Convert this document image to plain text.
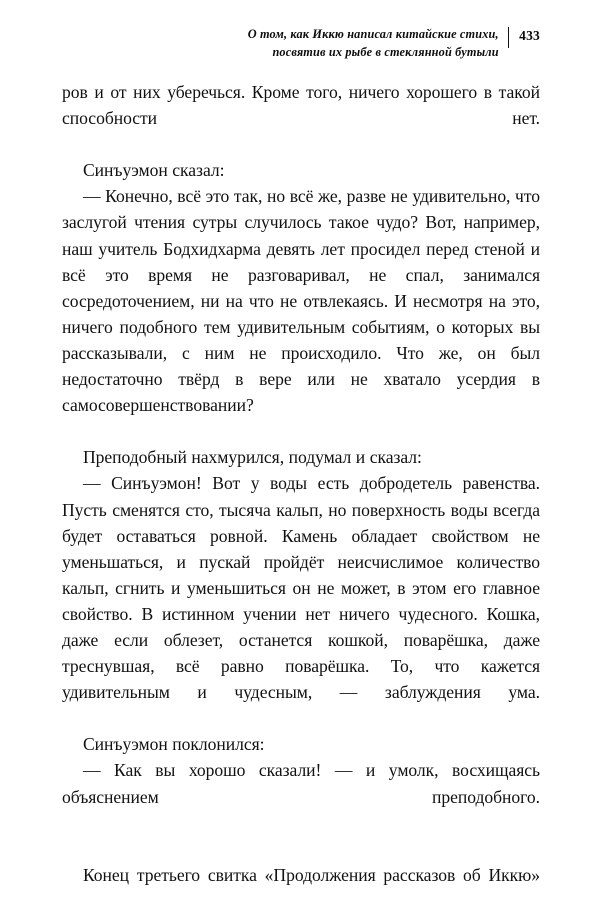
О том, как Иккю написал китайские стихи,
посвятив их рыбе в стеклянной бутыли
433

ров и от них уберечься. Кроме того, ничего хорошего в такой способности нет.

Синъуэмон сказал:

— Конечно, всё это так, но всё же, разве не удивительно, что заслугой чтения сутры случилось такое чудо? Вот, например, наш учитель Бодхидхарма девять лет просидел перед стеной и всё это время не разговаривал, не спал, занимался сосредоточением, ни на что не отвлекаясь. И несмотря на это, ничего подобного тем удивительным событиям, о которых вы рассказывали, с ним не происходило. Что же, он был недостаточно твёрд в вере или не хватало усердия в самосовершенствовании?

Преподобный нахмурился, подумал и сказал:

— Синъуэмон! Вот у воды есть добродетель равенства. Пусть сменятся сто, тысяча кальп, но поверхность воды всегда будет оставаться ровной. Камень обладает свойством не уменьшаться, и пускай пройдёт неисчислимое количество кальп, сгнить и уменьшиться он не может, в этом его главное свойство. В истинном учении нет ничего чудесного. Кошка, даже если облезет, останется кошкой, поварёшка, даже треснувшая, всё равно поварёшка. То, что кажется удивительным и чудесным, — заблуждения ума.

Синъуэмон поклонился:

— Как вы хорошо сказали! — и умолк, восхищаясь объяснением преподобного.

Конец третьего свитка «Продолжения рассказов об Иккю»
